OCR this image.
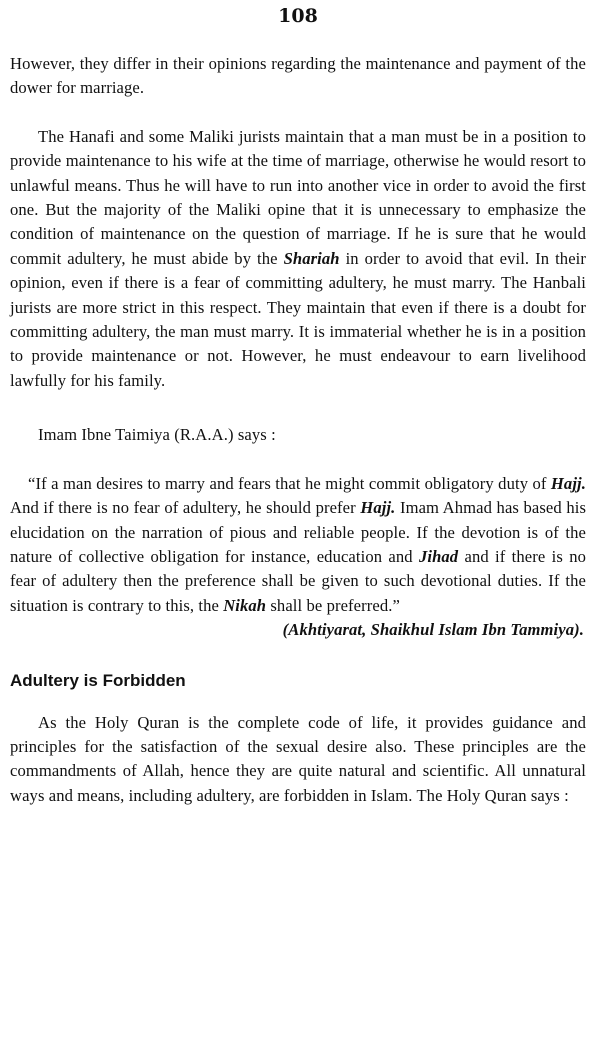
108

However, they differ in their opinions regarding the maintenance and payment of the dower for marriage.

The Hanafi and some Maliki jurists maintain that a man must be in a position to provide maintenance to his wife at the time of marriage, otherwise he would resort to unlawful means. Thus he will have to run into another vice in order to avoid the first one. But the majority of the Maliki opine that it is unnecessary to emphasize the condition of maintenance on the question of marriage. If he is sure that he would commit adultery, he must abide by the Shariah in order to avoid that evil. In their opinion, even if there is a fear of committing adultery, he must marry. The Hanbali jurists are more strict in this respect. They maintain that even if there is a doubt for committing adultery, the man must marry. It is immaterial whether he is in a position to provide maintenance or not. However, he must endeavour to earn livelihood lawfully for his family.

Imam Ibne Taimiya (R.A.A.) says :

“If a man desires to marry and fears that he might commit obligatory duty of Hajj. And if there is no fear of adultery, he should prefer Hajj. Imam Ahmad has based his elucidation on the narration of pious and reliable people. If the devotion is of the nature of collective obligation for instance, education and Jihad and if there is no fear of adultery then the preference shall be given to such devotional duties. If the situation is contrary to this, the Nikah shall be preferred.”

(Akhtiyarat, Shaikhul Islam Ibn Tammiya).

Adultery is Forbidden

As the Holy Quran is the complete code of life, it provides guidance and principles for the satisfaction of the sexual desire also. These principles are the commandments of Allah, hence they are quite natural and scientific. All unnatural ways and means, including adultery, are forbidden in Islam. The Holy Quran says :
